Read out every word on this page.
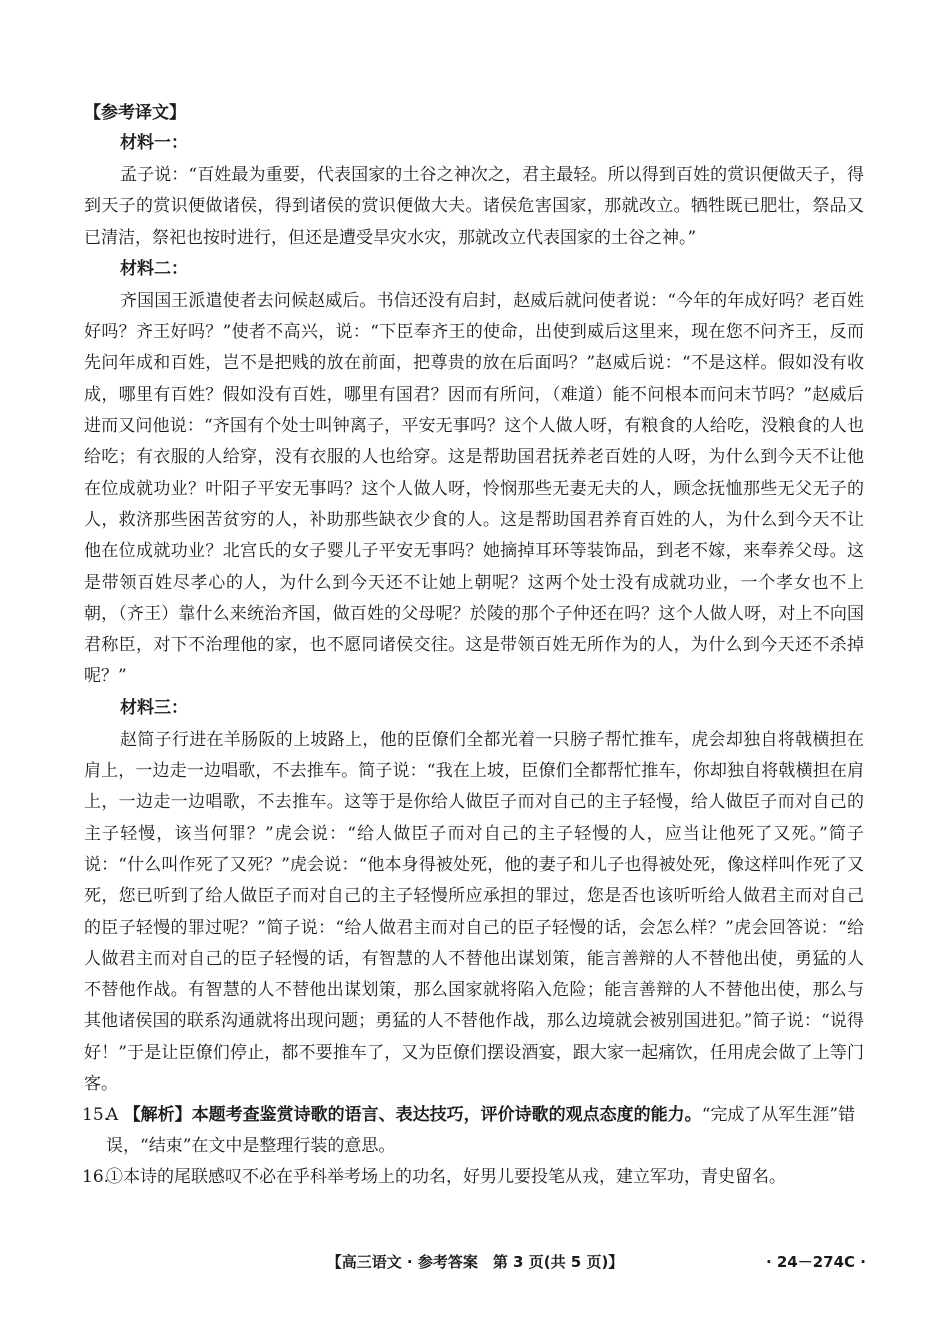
【参考译文】
材料一：

孟子说：“百姓最为重要，代表国家的土谷之神次之，君主最轻。所以得到百姓的赏识便做天子，得到天子的赏识便做诸侯，得到诸侯的赏识便做大夫。诸侯危害国家，那就改立。牺牲既已肥壮，祭品又已清洁，祭祀也按时进行，但还是遭受旱灾水灾，那就改立代表国家的土谷之神。”

材料二：

齐国国王派遣使者去问候赵威后。书信还没有启封，赵威后就问使者说：“今年的年成好吗？老百姓好吗？齐王好吗？”使者不高兴，说：“下臣奉齐王的使命，出使到威后这里来，现在您不问齐王，反而先问年成和百姓，岂不是把贱的放在前面，把尊贵的放在后面吗？”赵威后说：“不是这样。假如没有收成，哪里有百姓？假如没有百姓，哪里有国君？因而有所问，（难道）能不问根本而问末节吗？”赵威后进而又问他说：“齐国有个处士叫钟离子，平安无事吗？这个人做人呀，有粮食的人给吃，没粮食的人也给吃；有衣服的人给穿，没有衣服的人也给穿。这是帮助国君抚养老百姓的人呀，为什么到今天不让他在位成就功业？叶阳子平安无事吗？这个人做人呀，怜悯那些无妻无夫的人，顾念抚恤那些无父无子的人，救济那些困苦贫穷的人，补助那些缺衣少食的人。这是帮助国君养育百姓的人，为什么到今天不让他在位成就功业？北宫氏的女子婴儿子平安无事吗？她摘掉耳环等装饰品，到老不嫁，来奉养父母。这是带领百姓尽孝心的人，为什么到今天还不让她上朝呢？这两个处士没有成就功业，一个孝女也不上朝，（齐王）靠什么来统治齐国，做百姓的父母呢？於陵的那个子仲还在吗？这个人做人呀，对上不向国君称臣，对下不治理他的家，也不愿同诸侯交往。这是带领百姓无所作为的人，为什么到今天还不杀掉呢？”

材料三：

赵简子行进在羊肠阪的上坡路上，他的臣僚们全都光着一只膀子帮忙推车，虎会却独自将戟横担在肩上，一边走一边唱歌，不去推车。简子说：“我在上坡，臣僚们全都帮忙推车，你却独自将戟横担在肩上，一边走一边唱歌，不去推车。这等于是你给人做臣子而对自己的主子轻慢，给人做臣子而对自己的主子轻慢，该当何罪？”虎会说：“给人做臣子而对自己的主子轻慢的人，应当让他死了又死。”简子说：“什么叫作死了又死？”虎会说：“他本身得被处死，他的妻子和儿子也得被处死，像这样叫作死了又死，您已听到了给人做臣子而对自己的主子轻慢所应承担的罪过，您是否也该听听给人做君主而对自己的臣子轻慢的罪过呢？”简子说：“给人做君主而对自己的臣子轻慢的话，会怎么样？”虎会回答说：“给人做君主而对自己的臣子轻慢的话，有智慧的人不替他出谋划策，能言善辩的人不替他出使，勇猛的人不替他作战。有智慧的人不替他出谋划策，那么国家就将陷入危险；能言善辩的人不替他出使，那么与其他诸侯国的联系沟通就将出现问题；勇猛的人不替他作战，那么边境就会被别国进犯。”简子说：“说得好！”于是让臣僚们停止，都不要推车了，又为臣僚们摆设酒宴，跟大家一起痛饮，任用虎会做了上等门客。

15.
A 【解析】本题考查鉴赏诗歌的语言、表达技巧，评价诗歌的观点态度的能力。“完成了从军生涯”错误，“结束”在文中是整理行装的意思。
16.
①本诗的尾联感叹不必在乎科举考场上的功名，好男儿要投笔从戎，建立军功，青史留名。
【高三语文 · 参考答案　第 3 页(共 5 页)】	· 24－274C ·
